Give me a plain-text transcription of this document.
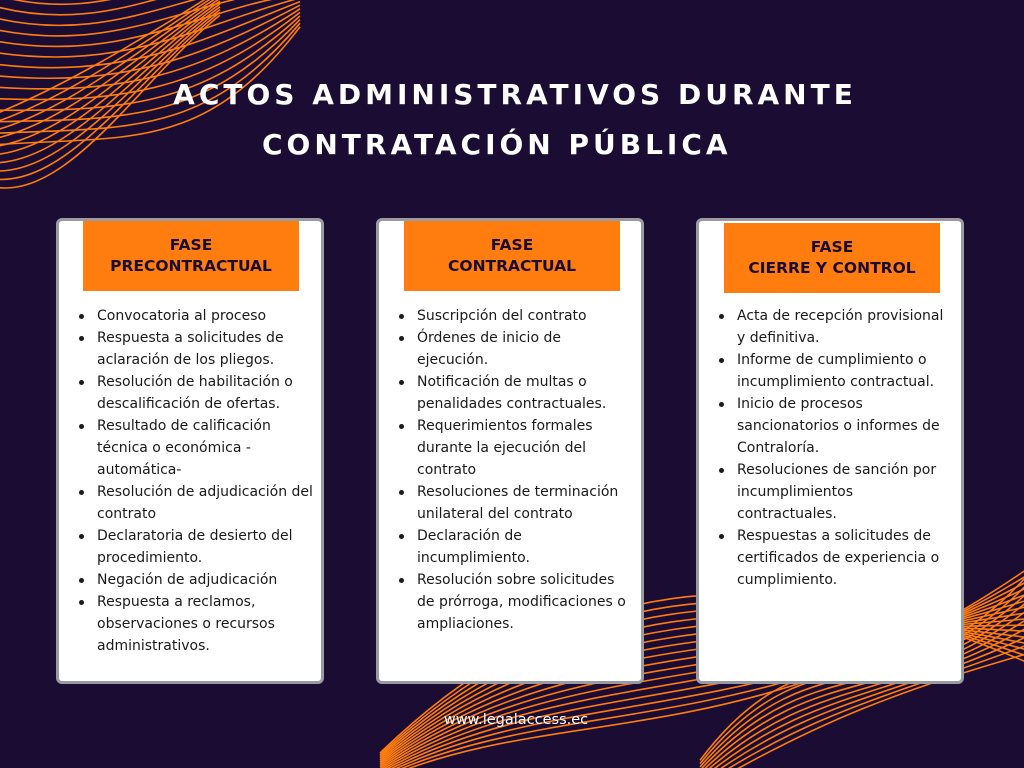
ACTOS ADMINISTRATIVOS DURANTE
CONTRATACIÓN PÚBLICA
FASE
PRECONTRACTUAL
Convocatoria al proceso
Respuesta a solicitudes de aclaración de los pliegos.
Resolución de habilitación o descalificación de ofertas.
Resultado de calificación técnica o económica -automática-
Resolución de adjudicación del contrato
Declaratoria de desierto del procedimiento.
Negación de adjudicación
Respuesta a reclamos, observaciones o recursos administrativos.
FASE
CONTRACTUAL
Suscripción del contrato
Órdenes de inicio de ejecución.
Notificación de multas o penalidades contractuales.
Requerimientos formales durante la ejecución del contrato
Resoluciones de terminación unilateral del contrato
Declaración de incumplimiento.
Resolución sobre solicitudes de prórroga, modificaciones o ampliaciones.
FASE
CIERRE Y CONTROL
Acta de recepción provisional y definitiva.
Informe de cumplimiento o incumplimiento contractual.
Inicio de procesos sancionatorios o informes de Contraloría.
Resoluciones de sanción por incumplimientos contractuales.
Respuestas a solicitudes de certificados de experiencia o cumplimiento.
www.legalaccess.ec
